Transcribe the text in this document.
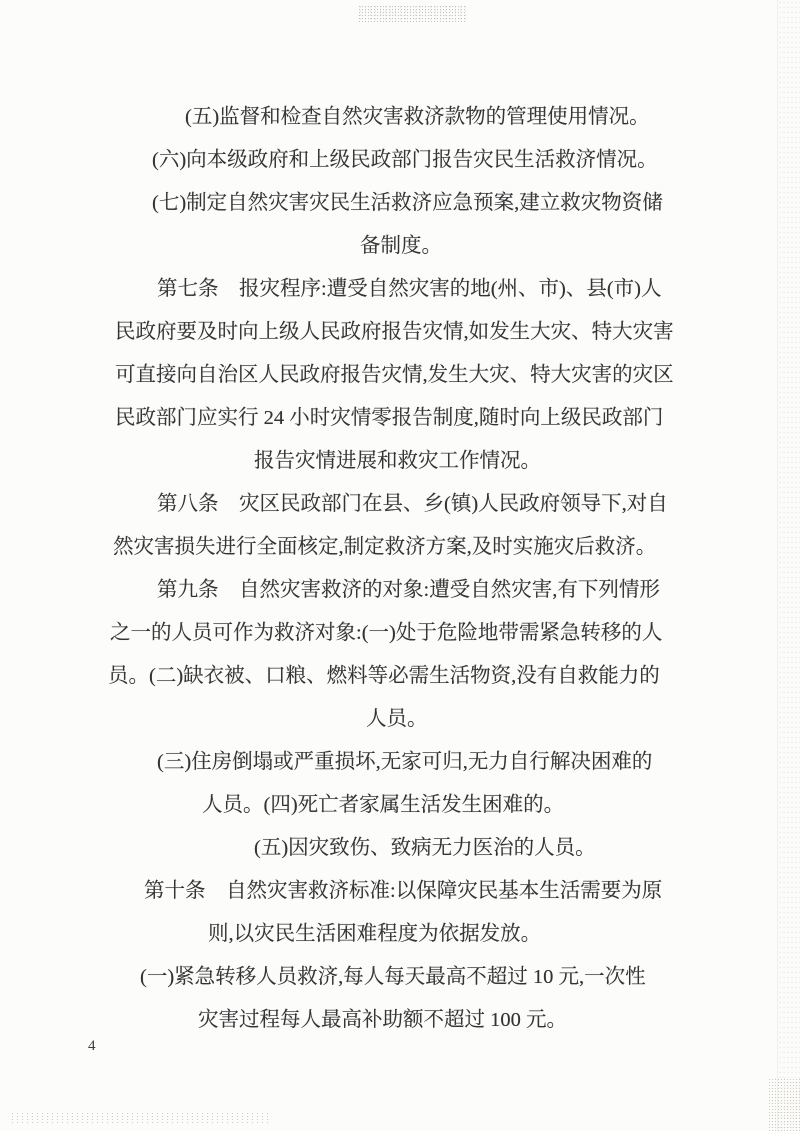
(五)监督和检查自然灾害救济款物的管理使用情况。
(六)向本级政府和上级民政部门报告灾民生活救济情况。
(七)制定自然灾害灾民生活救济应急预案,建立救灾物资储
备制度。
第七条　报灾程序:遭受自然灾害的地(州、市)、县(市)人
民政府要及时向上级人民政府报告灾情,如发生大灾、特大灾害
可直接向自治区人民政府报告灾情,发生大灾、特大灾害的灾区
民政部门应实行 24 小时灾情零报告制度,随时向上级民政部门
报告灾情进展和救灾工作情况。
第八条　灾区民政部门在县、乡(镇)人民政府领导下,对自
然灾害损失进行全面核定,制定救济方案,及时实施灾后救济。
第九条　自然灾害救济的对象:遭受自然灾害,有下列情形
之一的人员可作为救济对象:(一)处于危险地带需紧急转移的人
员。(二)缺衣被、口粮、燃料等必需生活物资,没有自救能力的
人员。
(三)住房倒塌或严重损坏,无家可归,无力自行解决困难的
人员。(四)死亡者家属生活发生困难的。
(五)因灾致伤、致病无力医治的人员。
第十条　自然灾害救济标准:以保障灾民基本生活需要为原
则,以灾民生活困难程度为依据发放。
(一)紧急转移人员救济,每人每天最高不超过 10 元,一次性
灾害过程每人最高补助额不超过 100 元。
4
